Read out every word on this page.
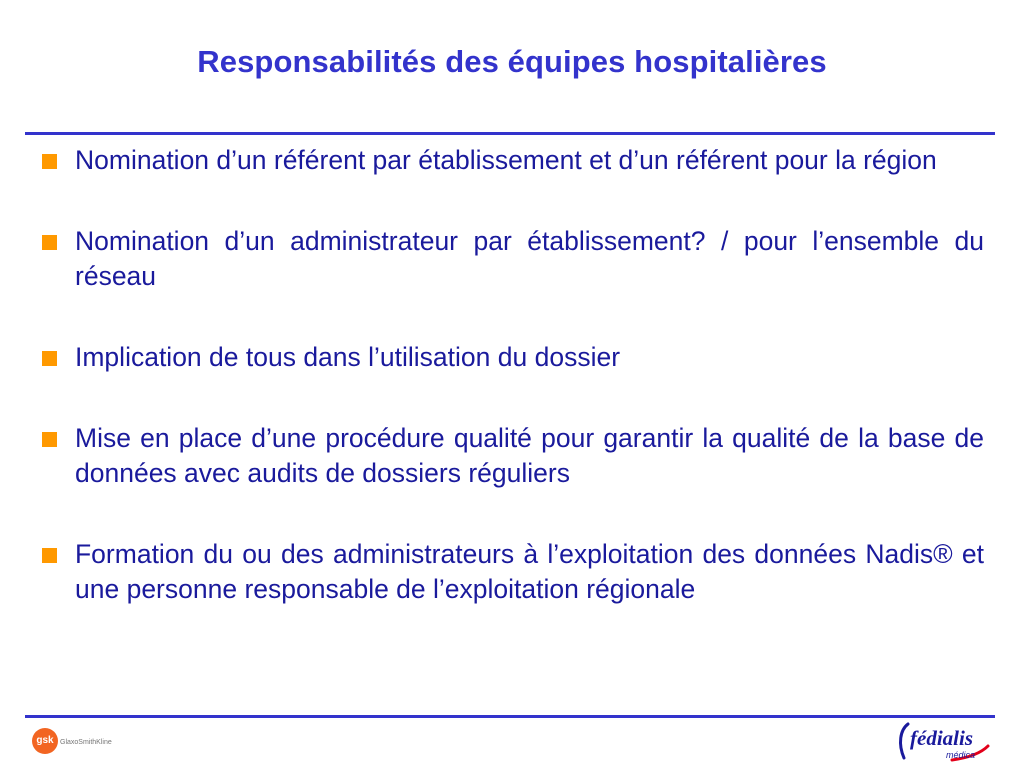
Responsabilités des équipes hospitalières
Nomination d’un référent par établissement et d’un référent pour la région
Nomination d’un administrateur par établissement? / pour l’ensemble du réseau
Implication de tous dans l’utilisation du dossier
Mise en place d’une procédure qualité pour garantir la qualité de la base de données avec audits de dossiers réguliers
Formation du ou des administrateurs à l’exploitation des données Nadis® et une personne responsable de l’exploitation régionale
gsk GlaxoSmithKline	fédialis
médica
